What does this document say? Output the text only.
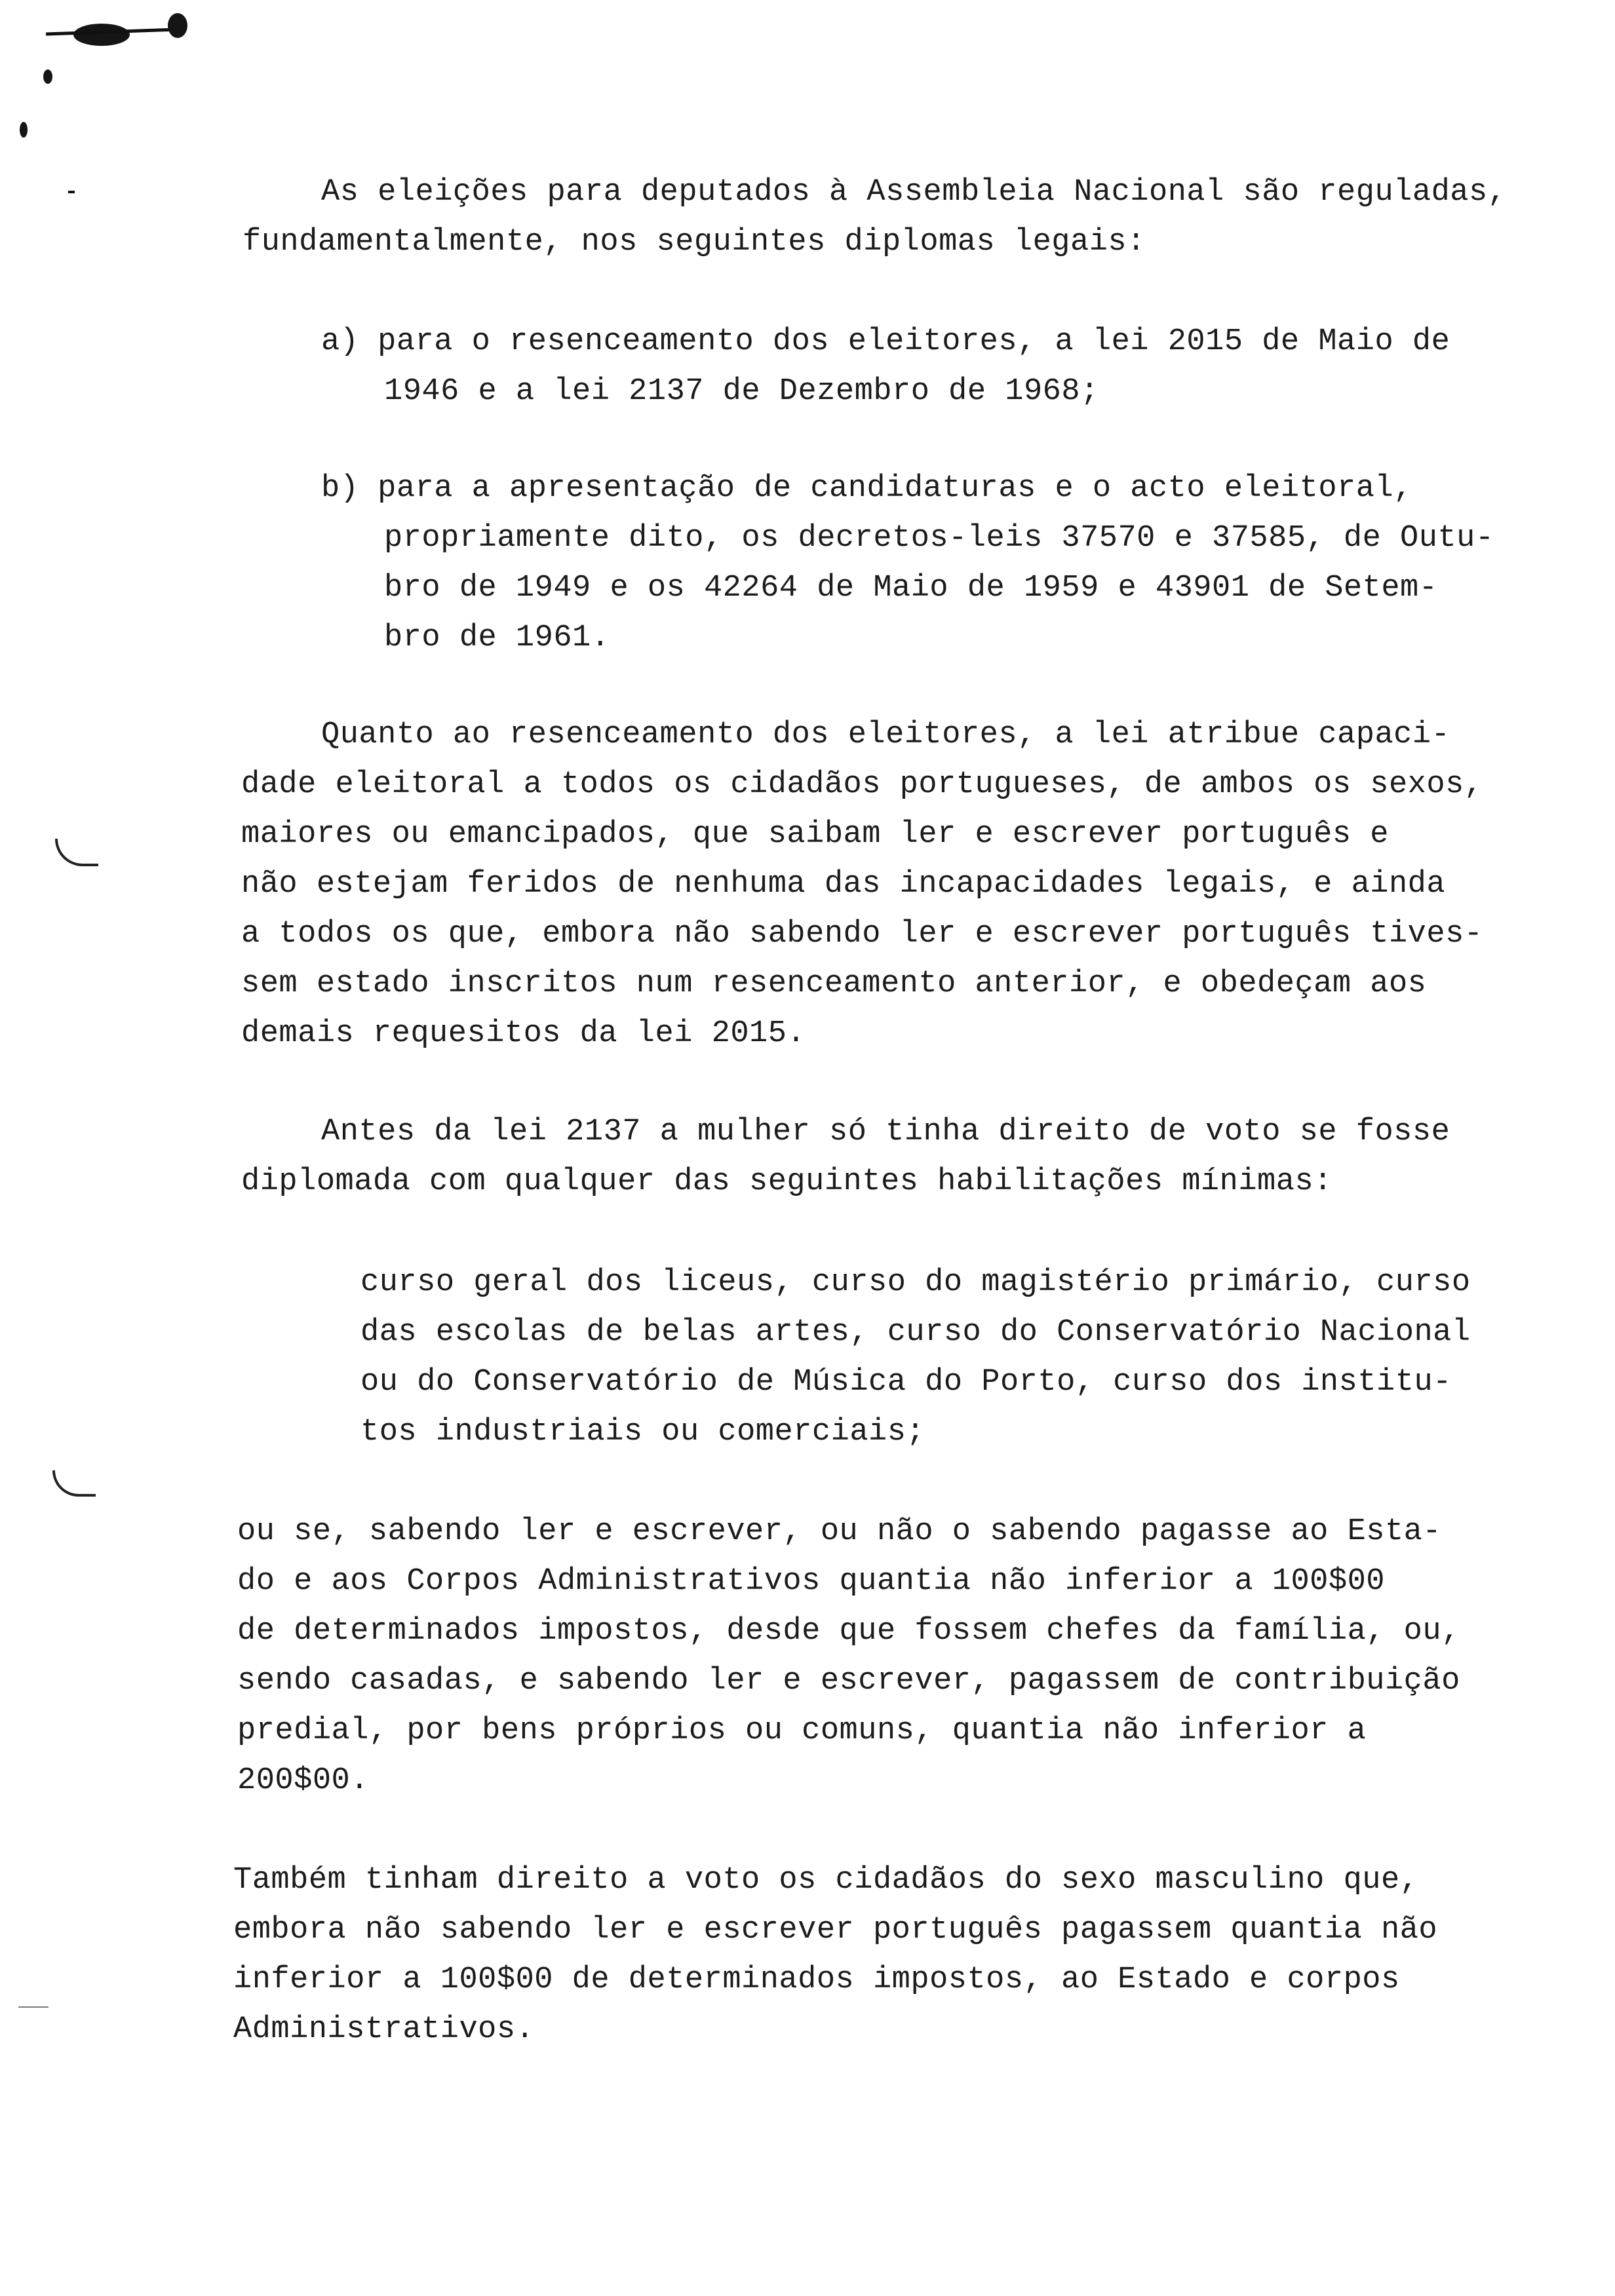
As eleições para deputados à Assembleia Nacional são reguladas,
fundamentalmente, nos seguintes diplomas legais:
a) para o resenceamento dos eleitores, a lei 2015 de Maio de
1946 e a lei 2137 de Dezembro de 1968;
b) para a apresentação de candidaturas e o acto eleitoral,
propriamente dito, os decretos-leis 37570 e 37585, de Outu-
bro de 1949 e os 42264 de Maio de 1959 e 43901 de Setem-
bro de 1961.
Quanto ao resenceamento dos eleitores, a lei atribue capaci-
dade eleitoral a todos os cidadãos portugueses, de ambos os sexos,
maiores ou emancipados, que saibam ler e escrever português e
não estejam feridos de nenhuma das incapacidades legais, e ainda
a todos os que, embora não sabendo ler e escrever português tives-
sem estado inscritos num resenceamento anterior, e obedeçam aos
demais requesitos da lei 2015.
Antes da lei 2137 a mulher só tinha direito de voto se fosse
diplomada com qualquer das seguintes habilitações mínimas:
curso geral dos liceus, curso do magistério primário, curso
das escolas de belas artes, curso do Conservatório Nacional
ou do Conservatório de Música do Porto, curso dos institu-
tos industriais ou comerciais;
ou se, sabendo ler e escrever, ou não o sabendo pagasse ao Esta-
do e aos Corpos Administrativos quantia não inferior a 100$00
de determinados impostos, desde que fossem chefes da família, ou,
sendo casadas, e sabendo ler e escrever, pagassem de contribuição
predial, por bens próprios ou comuns, quantia não inferior a
200$00.
Também tinham direito a voto os cidadãos do sexo masculino que,
embora não sabendo ler e escrever português pagassem quantia não
inferior a 100$00 de determinados impostos, ao Estado e corpos
Administrativos.
